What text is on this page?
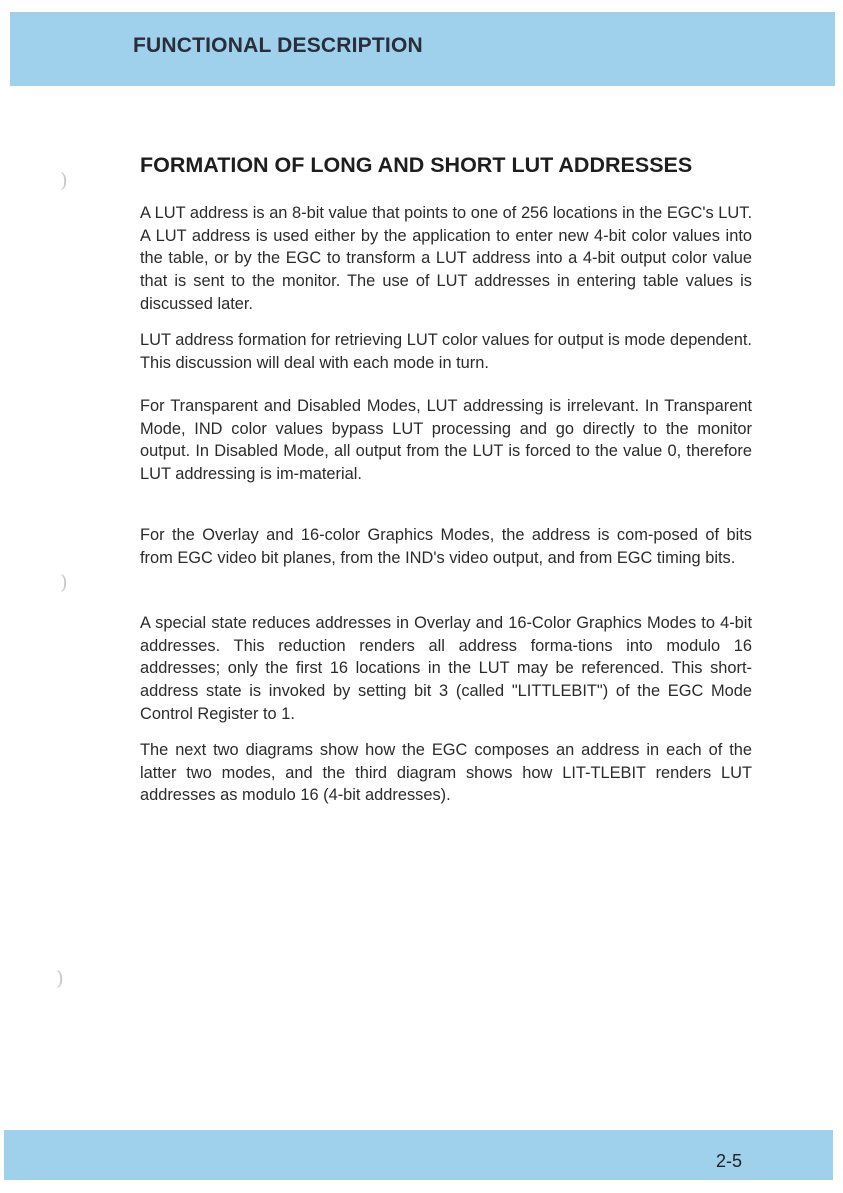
FUNCTIONAL DESCRIPTION
)
)
)
FORMATION OF LONG AND SHORT LUT ADDRESSES

A LUT address is an 8-bit value that points to one of 256 locations in the EGC's LUT. A LUT address is used either by the application to enter new 4-bit color values into the table, or by the EGC to transform a LUT address into a 4-bit output color value that is sent to the monitor. The use of LUT addresses in entering table values is discussed later.

LUT address formation for retrieving LUT color values for output is mode dependent. This discussion will deal with each mode in turn.

For Transparent and Disabled Modes, LUT addressing is irrelevant. In Transparent Mode, IND color values bypass LUT processing and go directly to the monitor output. In Disabled Mode, all output from the LUT is forced to the value 0, therefore LUT addressing is im-material.

For the Overlay and 16-color Graphics Modes, the address is com-posed of bits from EGC video bit planes, from the IND's video output, and from EGC timing bits.

A special state reduces addresses in Overlay and 16-Color Graphics Modes to 4-bit addresses. This reduction renders all address forma-tions into modulo 16 addresses; only the first 16 locations in the LUT may be referenced. This short-address state is invoked by setting bit 3 (called "LITTLEBIT") of the EGC Mode Control Register to 1.

The next two diagrams show how the EGC composes an address in each of the latter two modes, and the third diagram shows how LIT-TLEBIT renders LUT addresses as modulo 16 (4-bit addresses).

2-5
